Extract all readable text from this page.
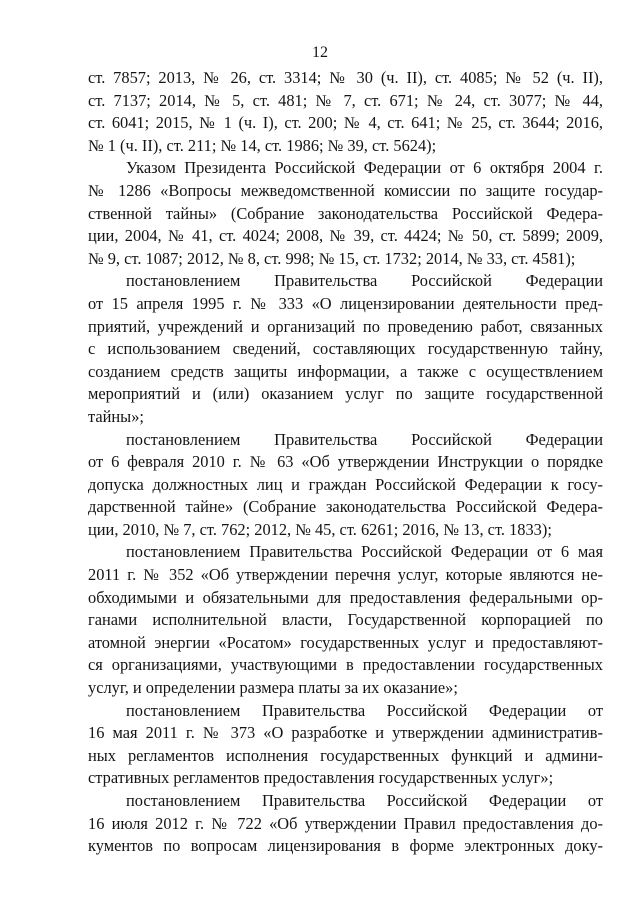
12
ст. 7857; 2013, № 26, ст. 3314; № 30 (ч. II), ст. 4085; № 52 (ч. II),
ст. 7137; 2014, № 5, ст. 481; № 7, ст. 671; № 24, ст. 3077; № 44,
ст. 6041; 2015, № 1 (ч. I), ст. 200; № 4, ст. 641; № 25, ст. 3644; 2016,
№ 1 (ч. II), ст. 211; № 14, ст. 1986; № 39, ст. 5624);
Указом Президента Российской Федерации от 6 октября 2004 г.
№ 1286 «Вопросы межведомственной комиссии по защите государ-
ственной тайны» (Собрание законодательства Российской Федера-
ции, 2004, № 41, ст. 4024; 2008, № 39, ст. 4424; № 50, ст. 5899; 2009,
№ 9, ст. 1087; 2012, № 8, ст. 998; № 15, ст. 1732; 2014, № 33, ст. 4581);
постановлением Правительства Российской Федерации
от 15 апреля 1995 г. № 333 «О лицензировании деятельности пред-
приятий, учреждений и организаций по проведению работ, связанных
с использованием сведений, составляющих государственную тайну,
созданием средств защиты информации, а также с осуществлением
мероприятий и (или) оказанием услуг по защите государственной
тайны»;
постановлением Правительства Российской Федерации
от 6 февраля 2010 г. № 63 «Об утверждении Инструкции о порядке
допуска должностных лиц и граждан Российской Федерации к госу-
дарственной тайне» (Собрание законодательства Российской Федера-
ции, 2010, № 7, ст. 762; 2012, № 45, ст. 6261; 2016, № 13, ст. 1833);
постановлением Правительства Российской Федерации от 6 мая
2011 г. № 352 «Об утверждении перечня услуг, которые являются не-
обходимыми и обязательными для предоставления федеральными ор-
ганами исполнительной власти, Государственной корпорацией по
атомной энергии «Росатом» государственных услуг и предоставляют-
ся организациями, участвующими в предоставлении государственных
услуг, и определении размера платы за их оказание»;
постановлением Правительства Российской Федерации от
16 мая 2011 г. № 373 «О разработке и утверждении административ-
ных регламентов исполнения государственных функций и админи-
стративных регламентов предоставления государственных услуг»;
постановлением Правительства Российской Федерации от
16 июля 2012 г. № 722 «Об утверждении Правил предоставления до-
кументов по вопросам лицензирования в форме электронных доку-
